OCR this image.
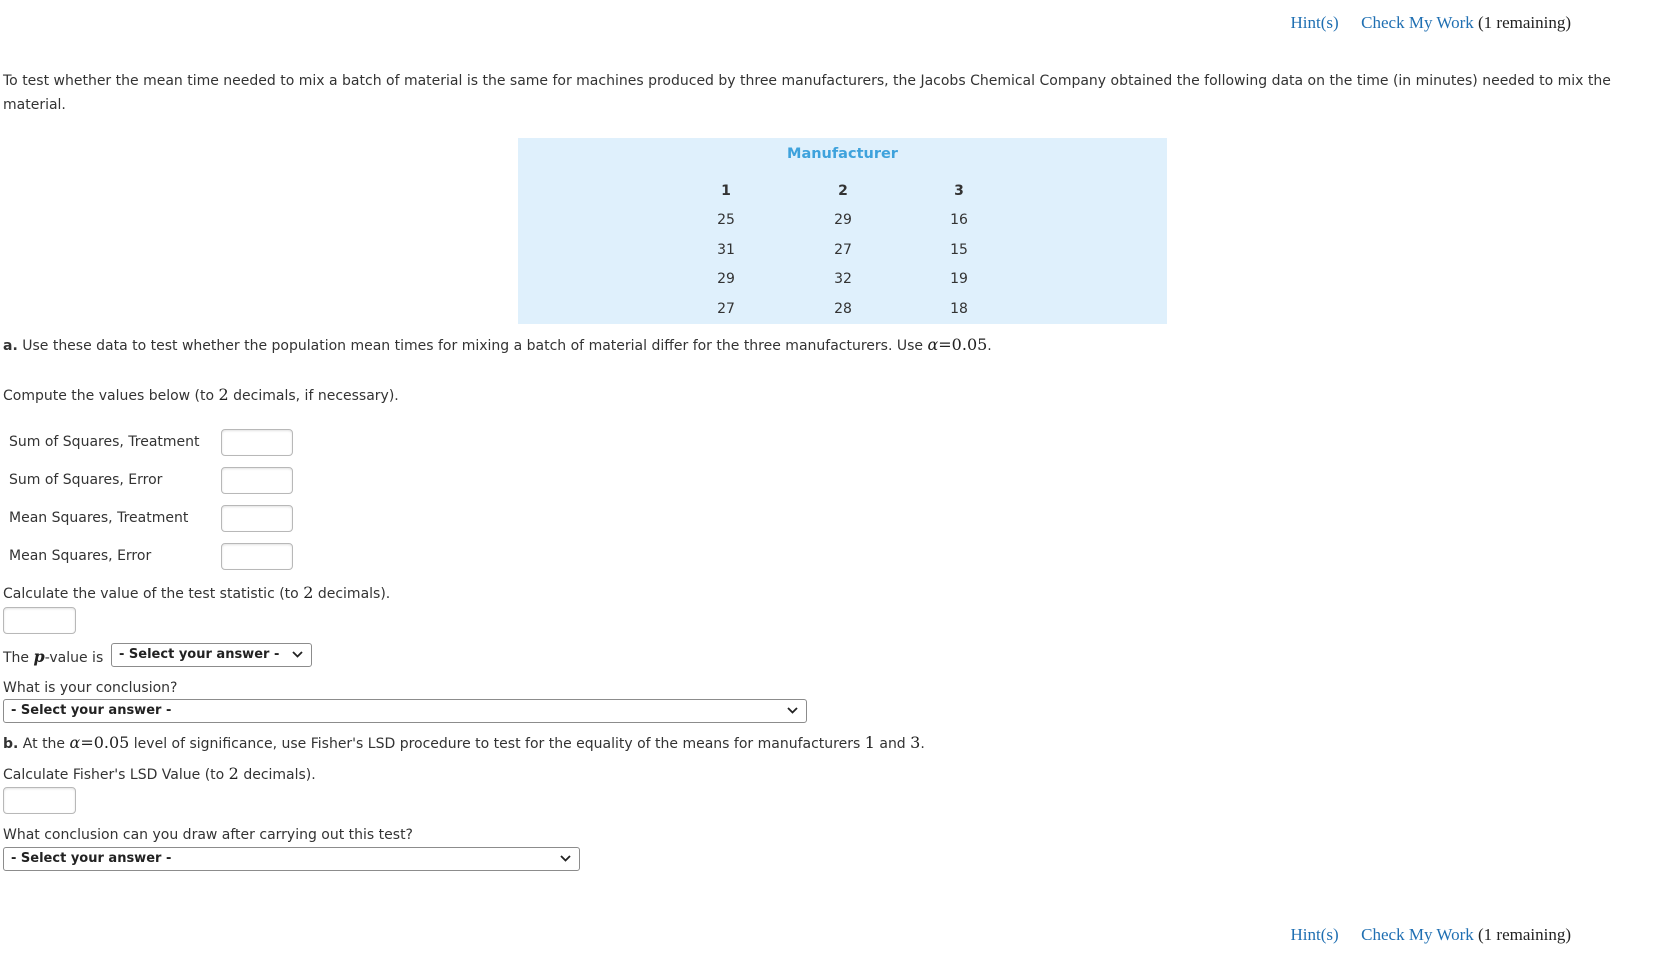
Hint(s) Check My Work (1 remaining)
To test whether the mean time needed to mix a batch of material is the same for machines produced by three manufacturers, the Jacobs Chemical Company obtained the following data on the time (in minutes) needed to mix the material.
Manufacturer
1	2	3
25	29	16
31	27	15
29	32	19
27	28	18
a. Use these data to test whether the population mean times for mixing a batch of material differ for the three manufacturers. Use α=0.05.
Compute the values below (to 2 decimals, if necessary).
Sum of Squares, Treatment
Sum of Squares, Error
Mean Squares, Treatment
Mean Squares, Error
Calculate the value of the test statistic (to 2 decimals).
The p-value is	- Select your answer -
What is your conclusion?
- Select your answer -
b. At the α=0.05 level of significance, use Fisher's LSD procedure to test for the equality of the means for manufacturers 1 and 3.
Calculate Fisher's LSD Value (to 2 decimals).
What conclusion can you draw after carrying out this test?
- Select your answer -
Hint(s) Check My Work (1 remaining)
